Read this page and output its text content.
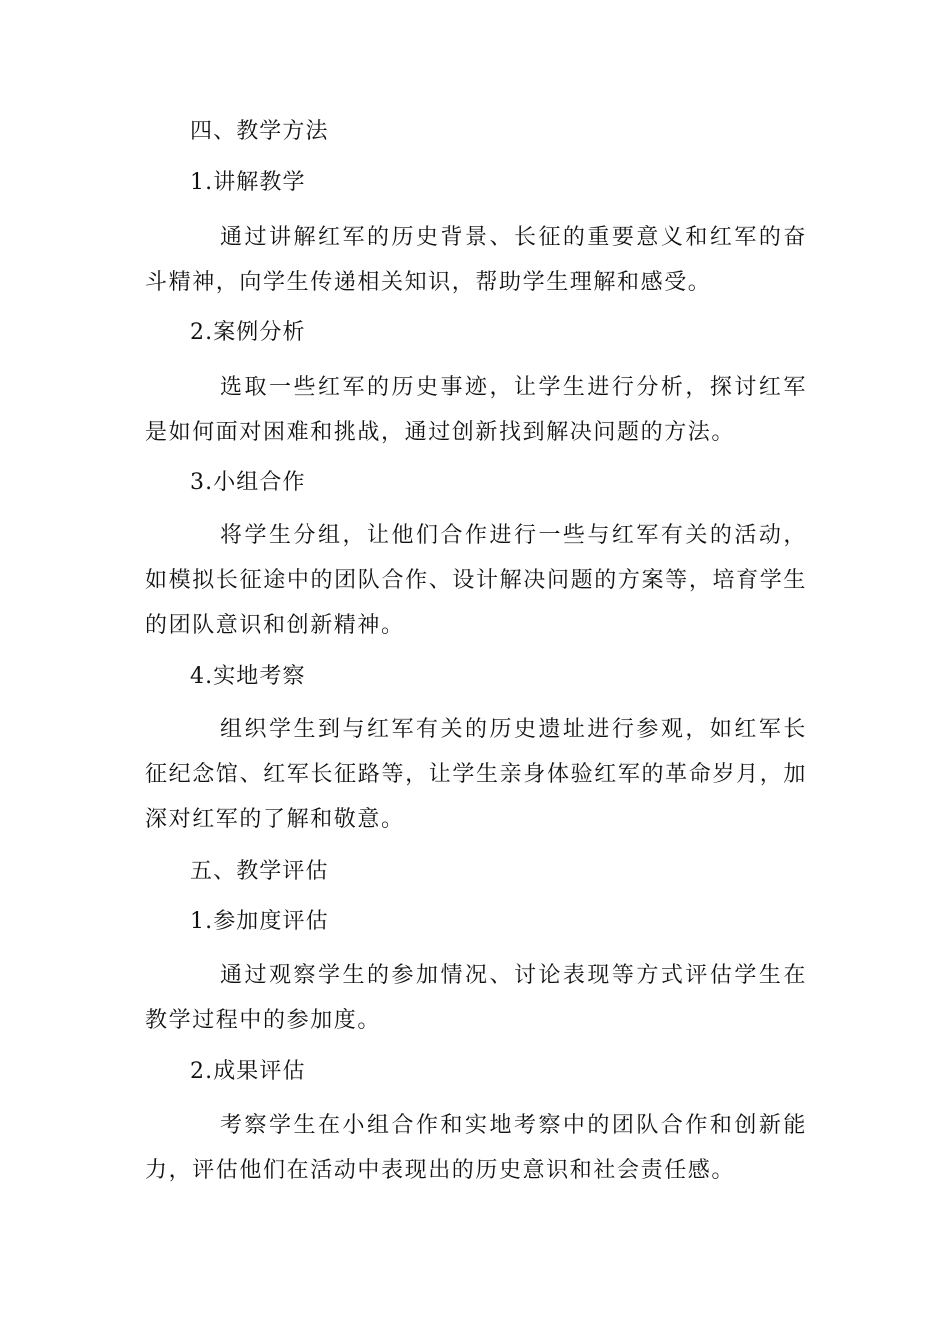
四、教学方法
1.讲解教学

通过讲解红军的历史背景、长征的重要意义和红军的奋斗精神，向学生传递相关知识，帮助学生理解和感受。

2.案例分析

选取一些红军的历史事迹，让学生进行分析，探讨红军是如何面对困难和挑战，通过创新找到解决问题的方法。

3.小组合作

将学生分组，让他们合作进行一些与红军有关的活动，如模拟长征途中的团队合作、设计解决问题的方案等，培育学生的团队意识和创新精神。

4.实地考察

组织学生到与红军有关的历史遗址进行参观，如红军长征纪念馆、红军长征路等，让学生亲身体验红军的革命岁月，加深对红军的了解和敬意。

五、教学评估
1.参加度评估

通过观察学生的参加情况、讨论表现等方式评估学生在教学过程中的参加度。

2.成果评估

考察学生在小组合作和实地考察中的团队合作和创新能力，评估他们在活动中表现出的历史意识和社会责任感。
